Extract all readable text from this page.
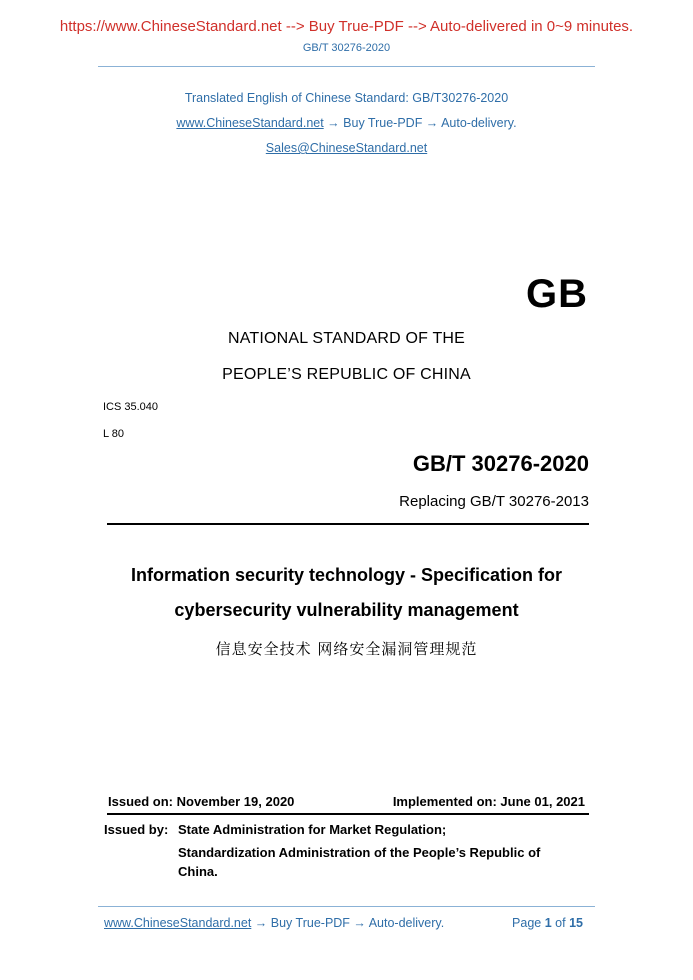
https://www.ChineseStandard.net --> Buy True-PDF --> Auto-delivered in 0~9 minutes.
GB/T 30276-2020
Translated English of Chinese Standard: GB/T30276-2020
www.ChineseStandard.net → Buy True-PDF → Auto-delivery.
Sales@ChineseStandard.net
GB
NATIONAL STANDARD OF THE
PEOPLE’S REPUBLIC OF CHINA
ICS 35.040
L 80
GB/T 30276-2020
Replacing GB/T 30276-2013
Information security technology - Specification for
cybersecurity vulnerability management
信息安全技术 网络安全漏洞管理规范
Issued on: November 19, 2020	Implemented on: June 01, 2021
Issued by: State Administration for Market Regulation;
Standardization Administration of the People’s Republic of
China.
www.ChineseStandard.net → Buy True-PDF → Auto-delivery.	Page 1 of 15
